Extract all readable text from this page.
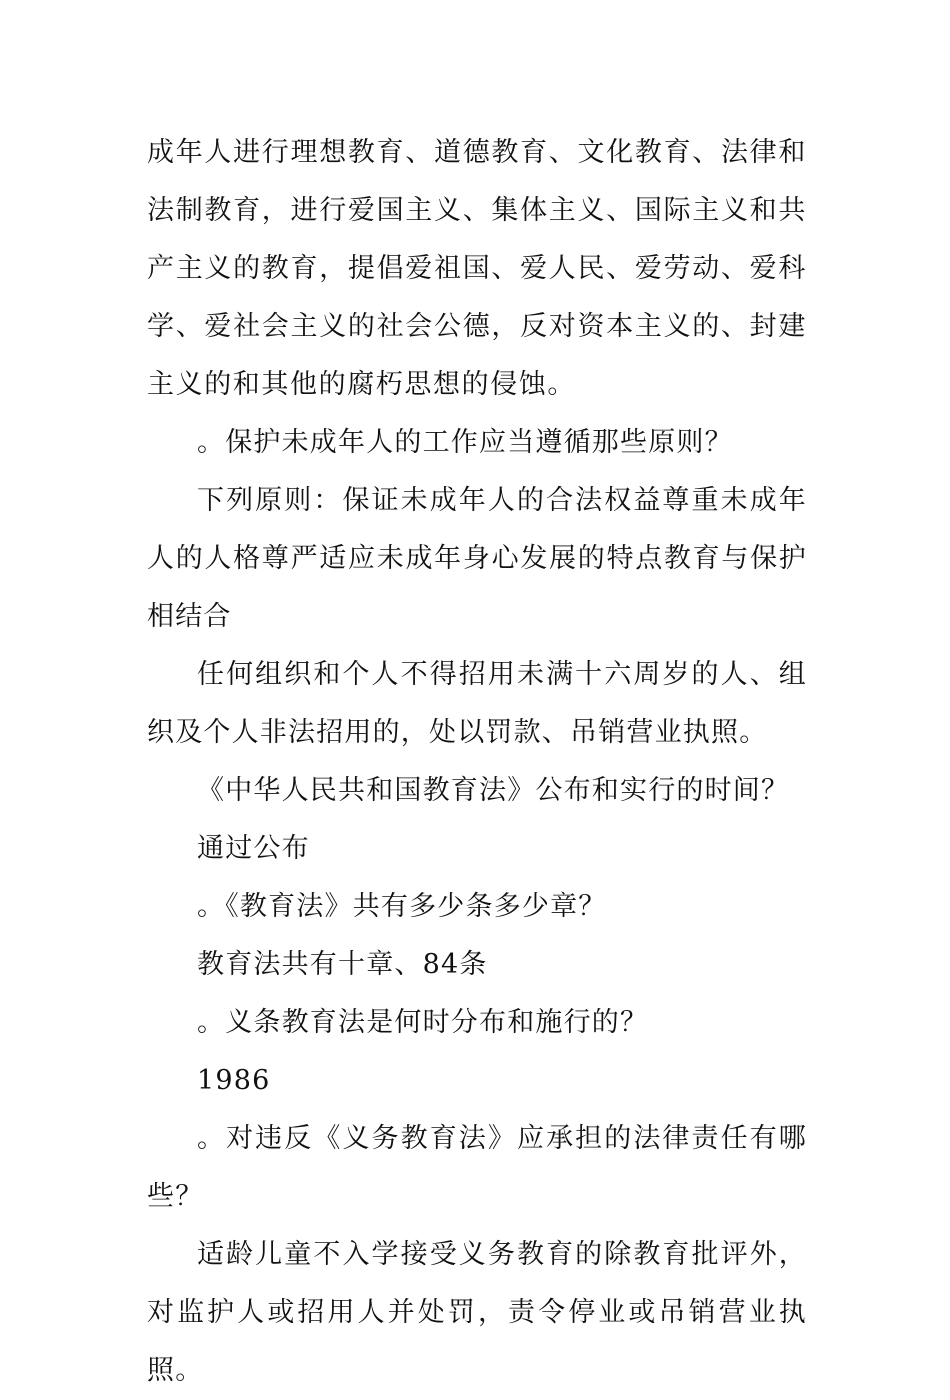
成年人进行理想教育、道德教育、文化教育、法律和法制教育，进行爱国主义、集体主义、国际主义和共产主义的教育，提倡爱祖国、爱人民、爱劳动、爱科学、爱社会主义的社会公德，反对资本主义的、封建主义的和其他的腐朽思想的侵蚀。

。保护未成年人的工作应当遵循那些原则？

下列原则：保证未成年人的合法权益尊重未成年人的人格尊严适应未成年身心发展的特点教育与保护相结合

任何组织和个人不得招用未满十六周岁的人、组织及个人非法招用的，处以罚款、吊销营业执照。

《中华人民共和国教育法》公布和实行的时间？

通过公布

。《教育法》共有多少条多少章？

教育法共有十章、84条

。义条教育法是何时分布和施行的？

1986

。对违反《义务教育法》应承担的法律责任有哪些？

适龄儿童不入学接受义务教育的除教育批评外，对监护人或招用人并处罚，责令停业或吊销营业执照。
